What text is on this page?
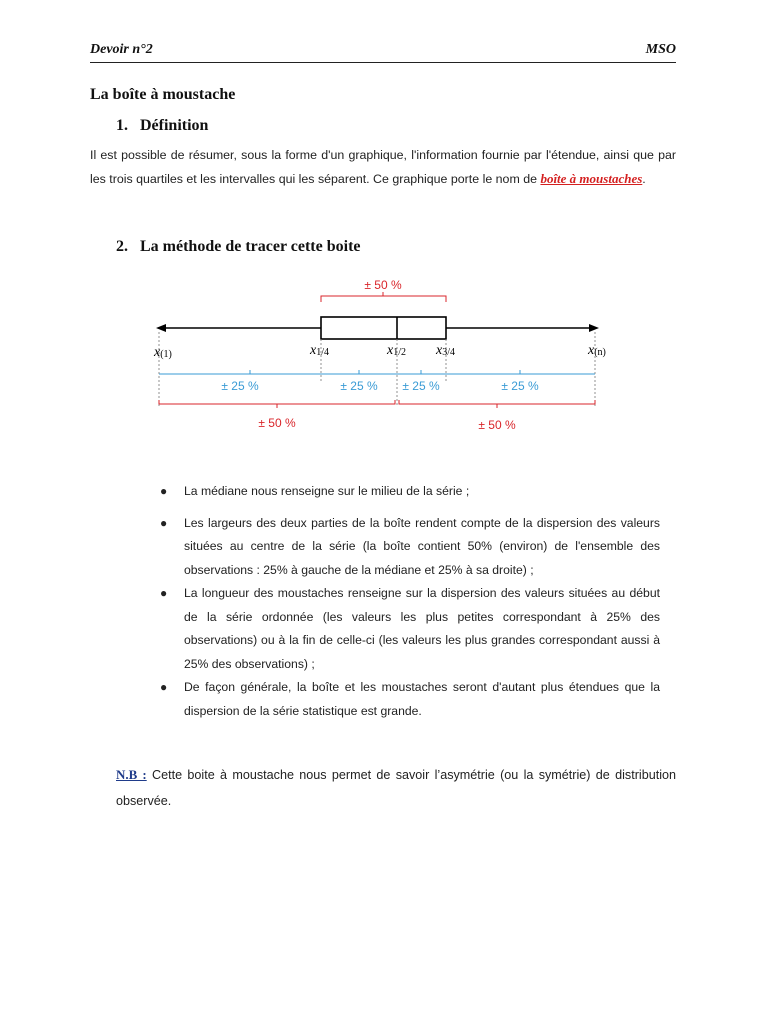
Devoir n°2	MSO
La boîte à moustache
1. Définition
Il est possible de résumer, sous la forme d'un graphique, l'information fournie par l'étendue, ainsi que par les trois quartiles et les intervalles qui les séparent. Ce graphique porte le nom de boîte à moustaches.
2. La méthode de tracer cette boite
± 50 %
x(1)	x1/4	x1/2 x3/4	x(n)
± 25 %	± 25 % ± 25 %	± 25 %
± 50 %	± 50 %
● La médiane nous renseigne sur le milieu de la série ;
● Les largeurs des deux parties de la boîte rendent compte de la dispersion des valeurs situées au centre de la série (la boîte contient 50% (environ) de l'ensemble des observations : 25% à gauche de la médiane et 25% à sa droite) ;
● La longueur des moustaches renseigne sur la dispersion des valeurs situées au début de la série ordonnée (les valeurs les plus petites correspondant à 25% des observations) ou à la fin de celle-ci (les valeurs les plus grandes correspondant aussi à 25% des observations) ;
● De façon générale, la boîte et les moustaches seront d'autant plus étendues que la dispersion de la série statistique est grande.
N.B : Cette boite à moustache nous permet de savoir l’asymétrie (ou la symétrie) de distribution observée.
